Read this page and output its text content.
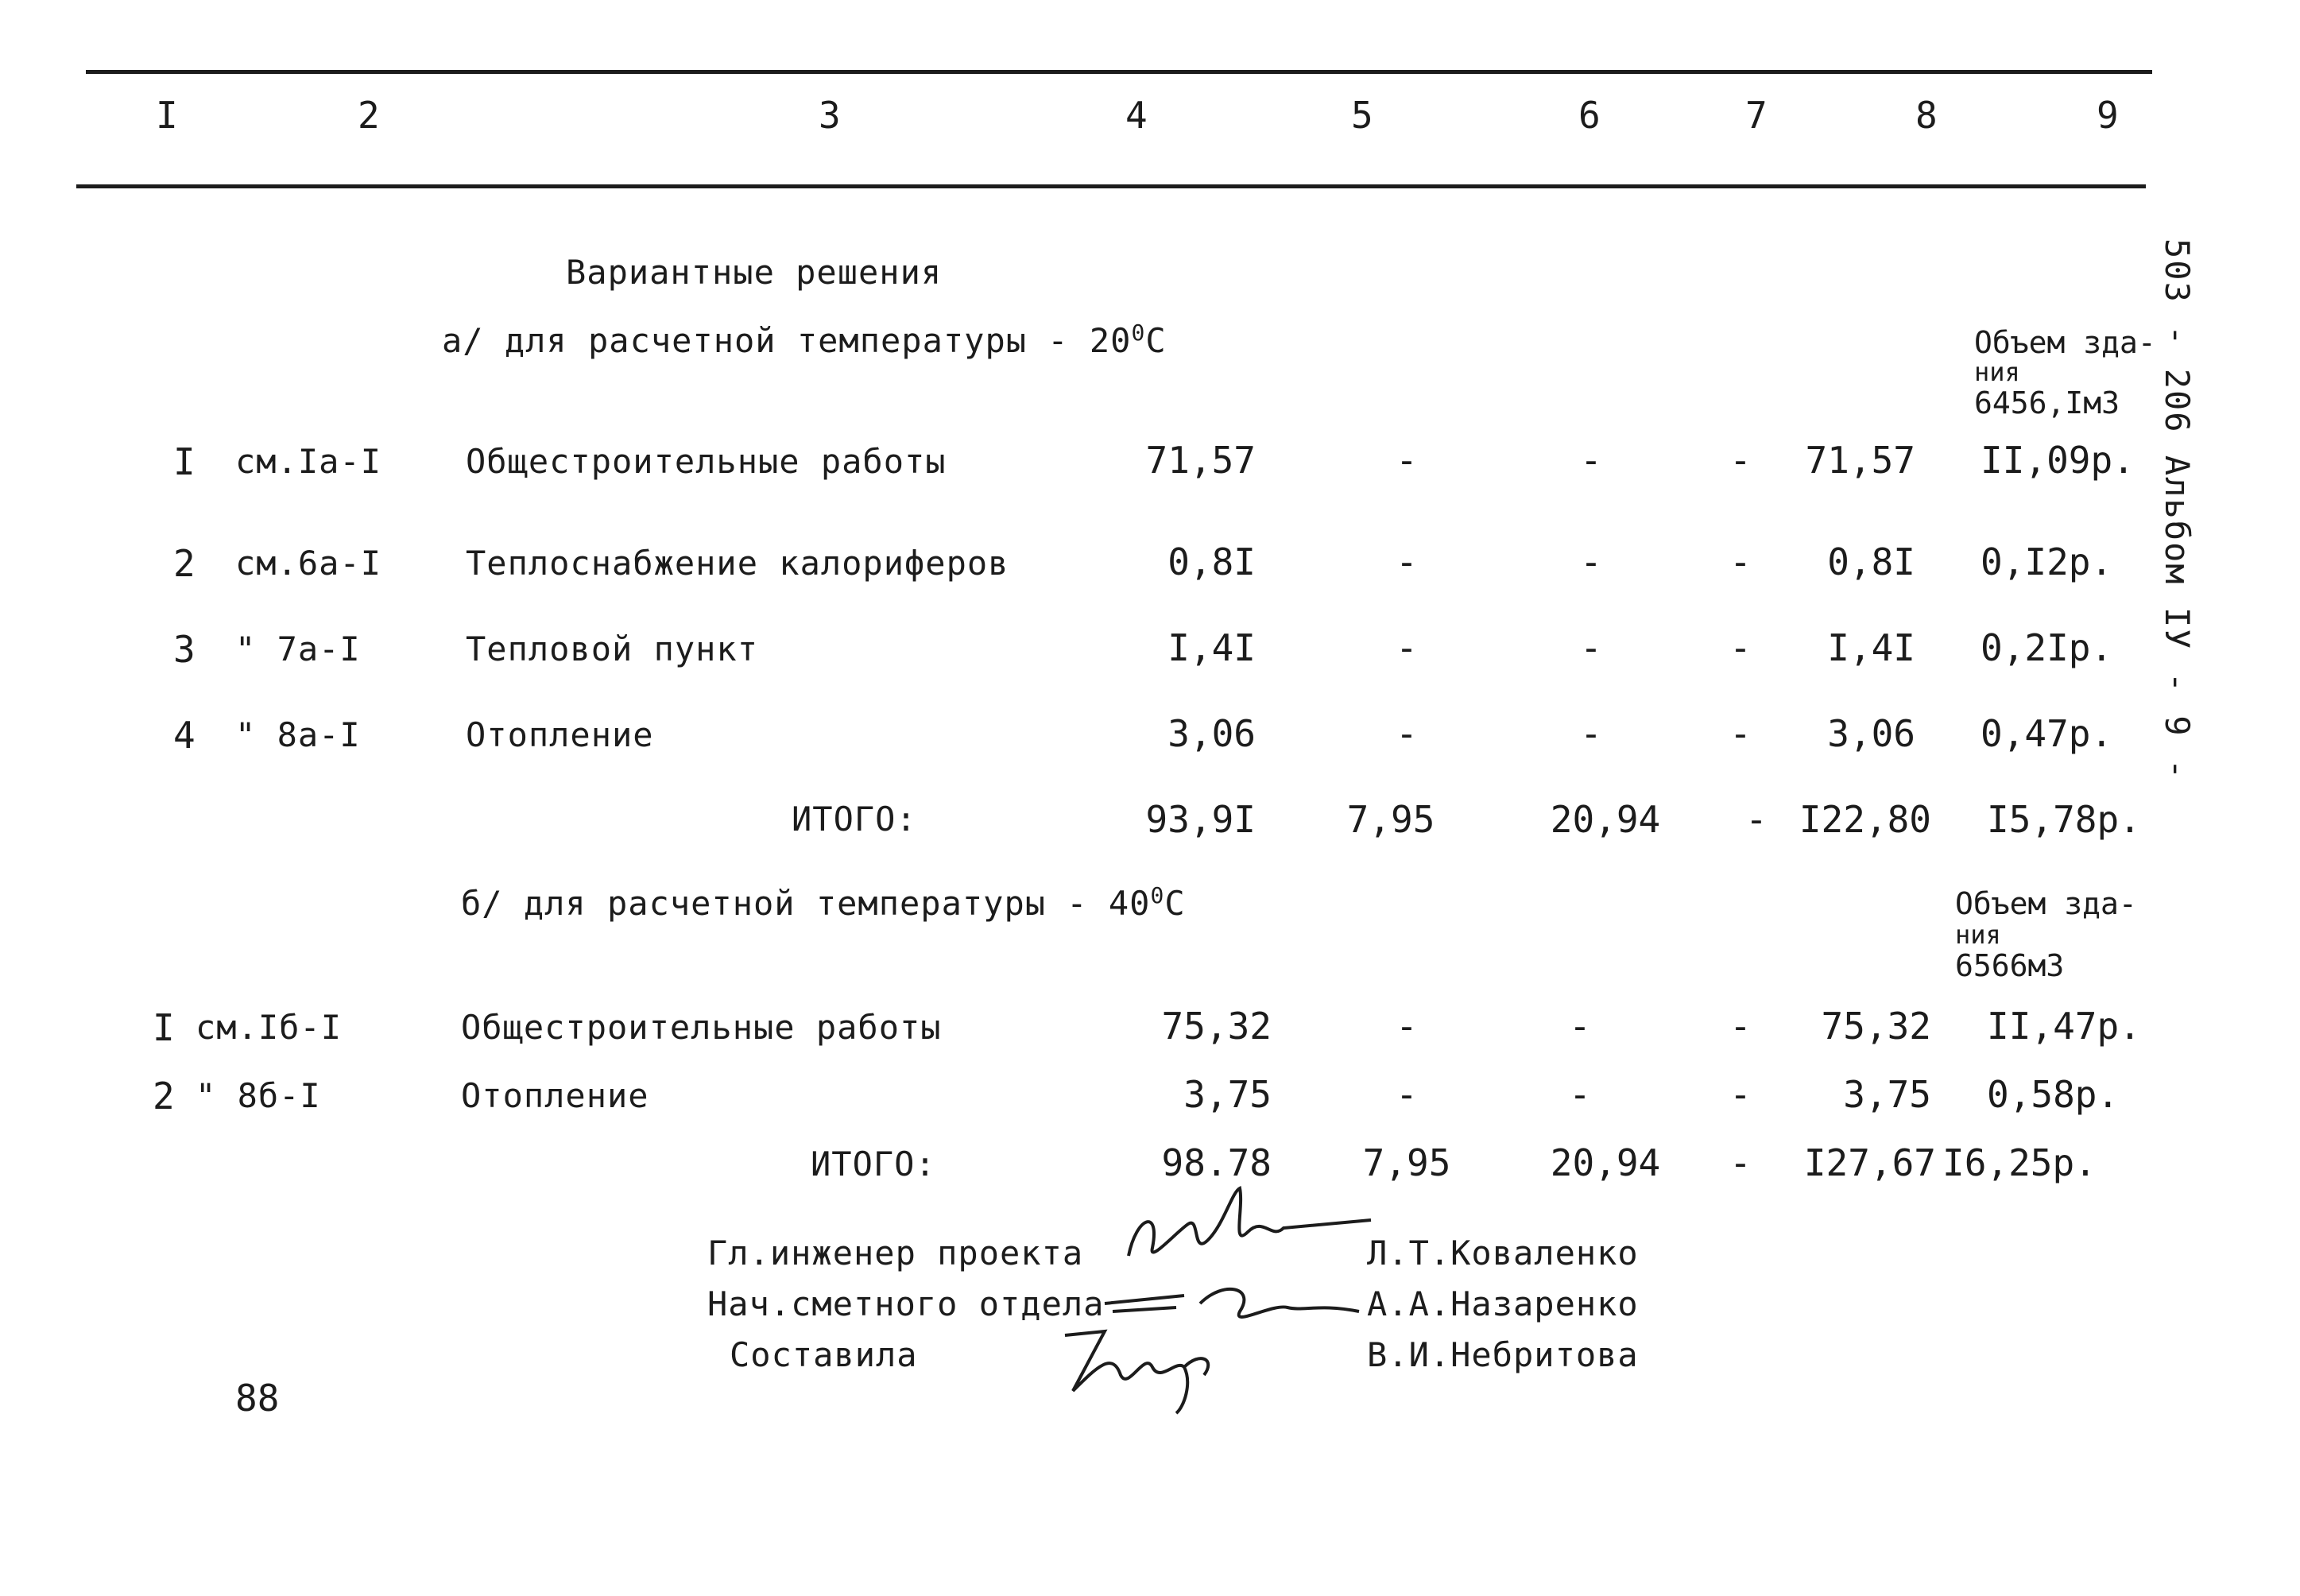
I	2	3	4	5	6	7	8	9
Вариантные решения
а/ для расчетной температуры - $20^0С$	Объем зда-
ния
6456,Iм3
I см.Iа-I	Общестроительные работы	71,57	-	-	-	71,57 II,09р.
2 см.6а-I	Теплоснабжение калориферов	0,8I	-	-	-	0,8I 0,I2р.
3 " 7а-I	Тепловой пункт	I,4I	-	-	-	I,4I 0,2Iр.
4 " 8а-I	Отопление	3,06	-	-	-	3,06 0,47р.
ИТОГО:	93,9I	7,95	20,94	- I22,80 I5,78р.
б/ для расчетной температуры - $40^0С$	Объем зда-
ния
6566м3
I см.Iб-I	Общестроительные работы	75,32	-	-	-	75,32 II,47р.
2 " 8б-I	Отопление	3,75	-	-	-	3,75 0,58р.
ИТОГО:	98.78	7,95	20,94	-	I27,67 I6,25р.
Гл.инженер проекта	Л.Т.Коваленко
Нач.сметного отдела	А.А.Назаренко
Составила	В.И.Небритова
88
503 - 206 Альбом IУ - 9 -
